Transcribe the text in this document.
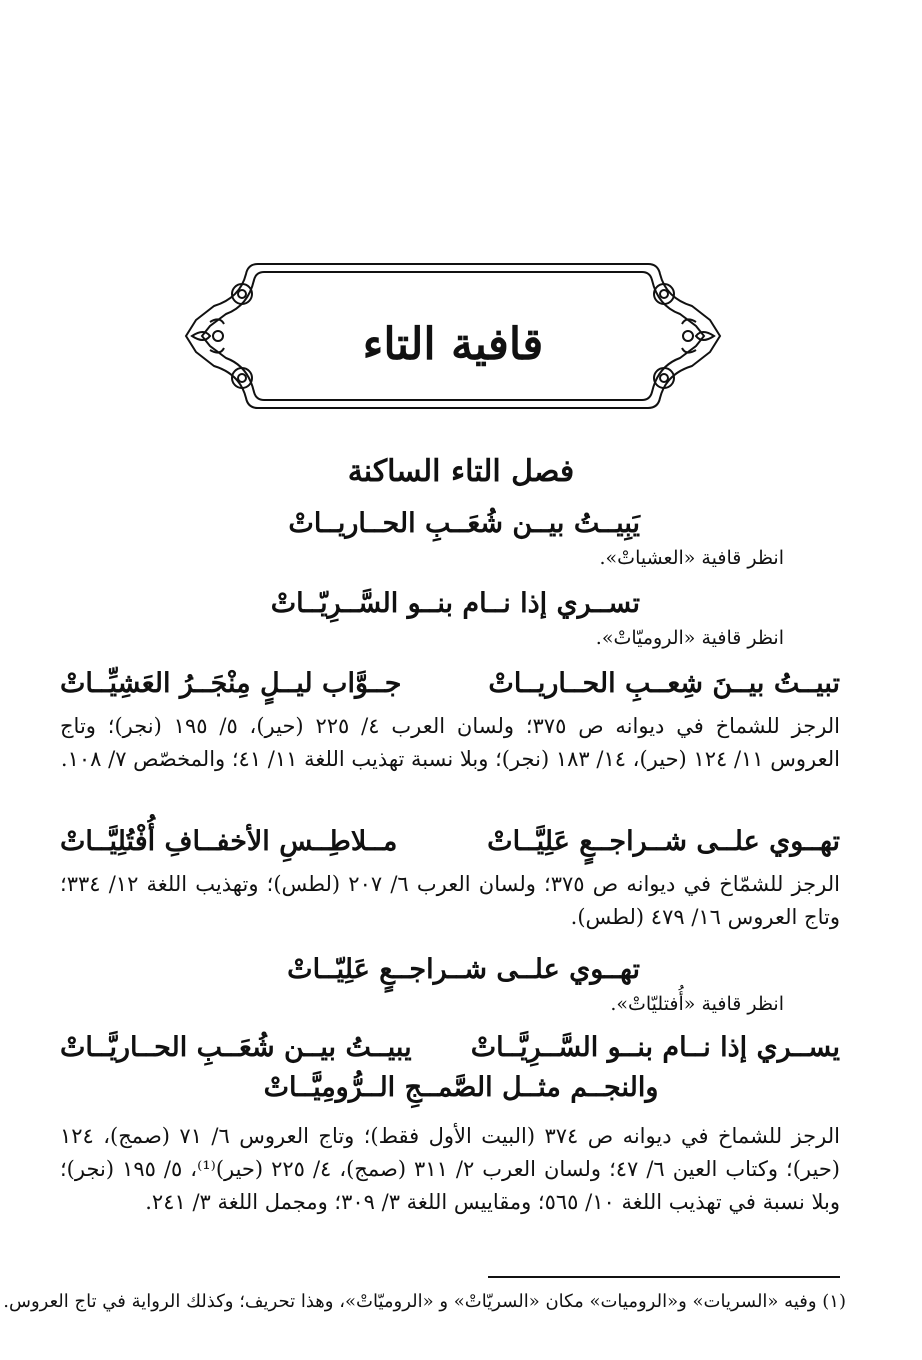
قافية التاء
فصل التاء الساكنة
يَبِيــتُ بيــن شُعَــبِ الحــاريــاتْ
انظر قافية «العشياتْ».
تســري إذا نــام بنــو السَّــرِيّــاتْ
انظر قافية «الروميّاتْ».
تبيــتُ بيــنَ شِعــبِ الحــاريــاتْ
جــوَّاب ليــلٍ مِنْجَــرُ العَشِيِّــاتْ
الرجز للشماخ في ديوانه ص ٣٧٥؛ ولسان العرب ٤/ ٢٢٥ (حير)، ٥/ ١٩٥ (نجر)؛ وتاج العروس ١١/ ١٢٤ (حير)، ١٤/ ١٨٣ (نجر)؛ وبلا نسبة تهذيب اللغة ١١/ ٤١؛ والمخصّص ٧/ ١٠٨.
تهــوي علــى شــراجــعٍ عَلِيَّــاتْ
مــلاطِــسِ الأخفــافِ أُفْتُلِيَّــاتْ
الرجز للشمّاخ في ديوانه ص ٣٧٥؛ ولسان العرب ٦/ ٢٠٧ (لطس)؛ وتهذيب اللغة ١٢/ ٣٣٤؛ وتاج العروس ١٦/ ٤٧٩ (لطس).
تهــوي علــى شــراجــعٍ عَلِيّــاتْ
انظر قافية «أُفتليّاتْ».
يســري إذا نــام بنــو السَّــرِيَّــاتْ
يبيــتُ بيــن شُعَــبِ الحــاريَّــاتْ
والنجــم مثــل الصَّمــجِ الــرُّومِيَّــاتْ
الرجز للشماخ في ديوانه ص ٣٧٤ (البيت الأول فقط)؛ وتاج العروس ٦/ ٧١ (صمج)، ١٢٤ (حير)؛ وكتاب العين ٦/ ٤٧؛ ولسان العرب ٢/ ٣١١ (صمج)، ٤/ ٢٢٥ (حير)⁽¹⁾، ٥/ ١٩٥ (نجر)؛ وبلا نسبة في تهذيب اللغة ١٠/ ٥٦٥؛ ومقاييس اللغة ٣/ ٣٠٩؛ ومجمل اللغة ٣/ ٢٤١.
(١) وفيه «السريات» و«الروميات» مكان «السريّاتْ» و «الروميّاتْ»، وهذا تحريف؛ وكذلك الرواية في تاج العروس.
